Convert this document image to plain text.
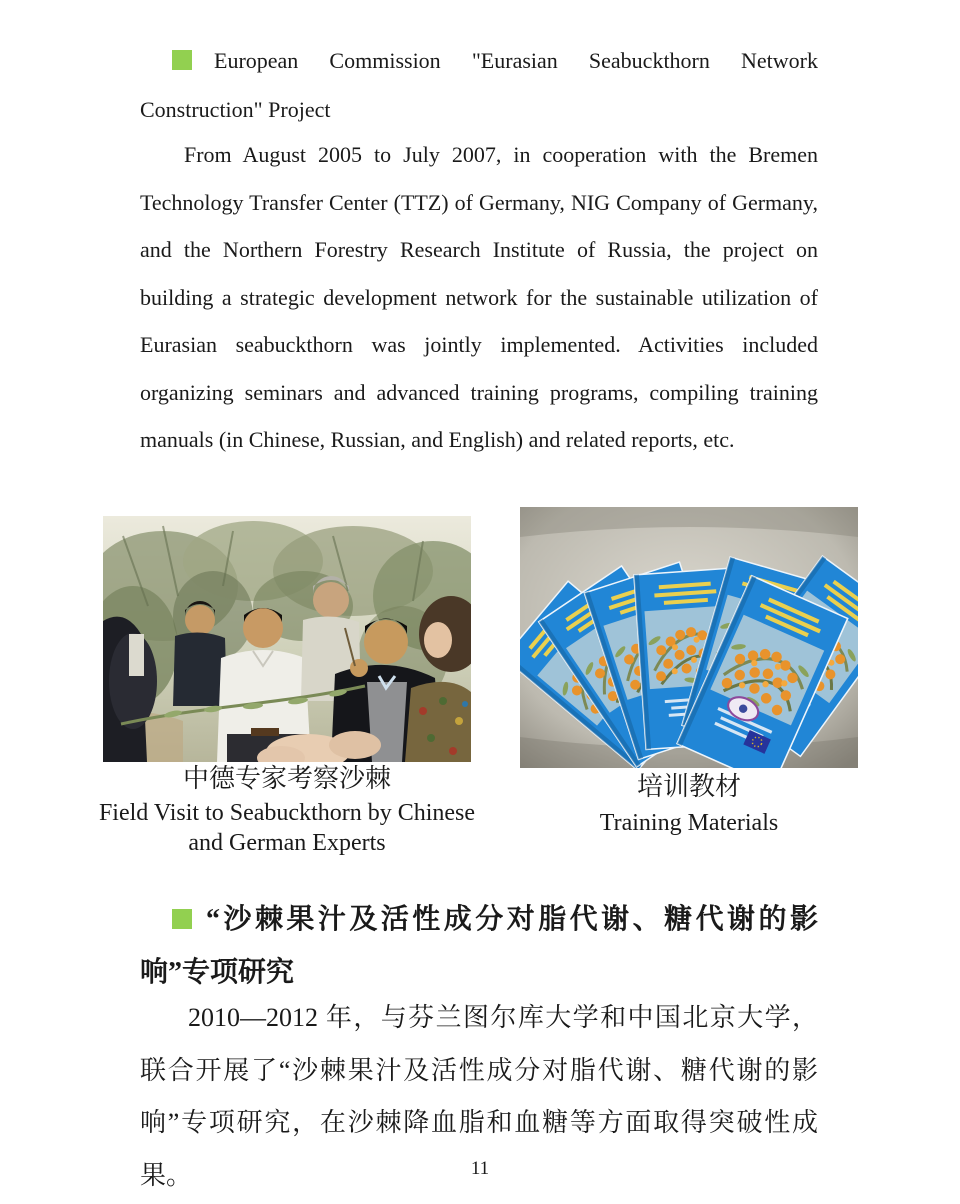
European Commission "Eurasian Seabuckthorn Network Construction" Project

From August 2005 to July 2007, in cooperation with the Bremen Technology Transfer Center (TTZ) of Germany, NIG Company of Germany, and the Northern Forestry Research Institute of Russia, the project on building a strategic development network for the sustainable utilization of Eurasian seabuckthorn was jointly implemented. Activities included organizing seminars and advanced training programs, compiling training manuals (in Chinese, Russian, and English) and related reports, etc.

中德专家考察沙棘

Field Visit to Seabuckthorn by Chinese and German Experts

培训教材

Training Materials

“沙棘果汁及活性成分对脂代谢、糖代谢的影响”专项研究

2010—2012 年，与芬兰图尔库大学和中国北京大学，联合开展了“沙棘果汁及活性成分对脂代谢、糖代谢的影响”专项研究，在沙棘降血脂和血糖等方面取得突破性成果。	11
